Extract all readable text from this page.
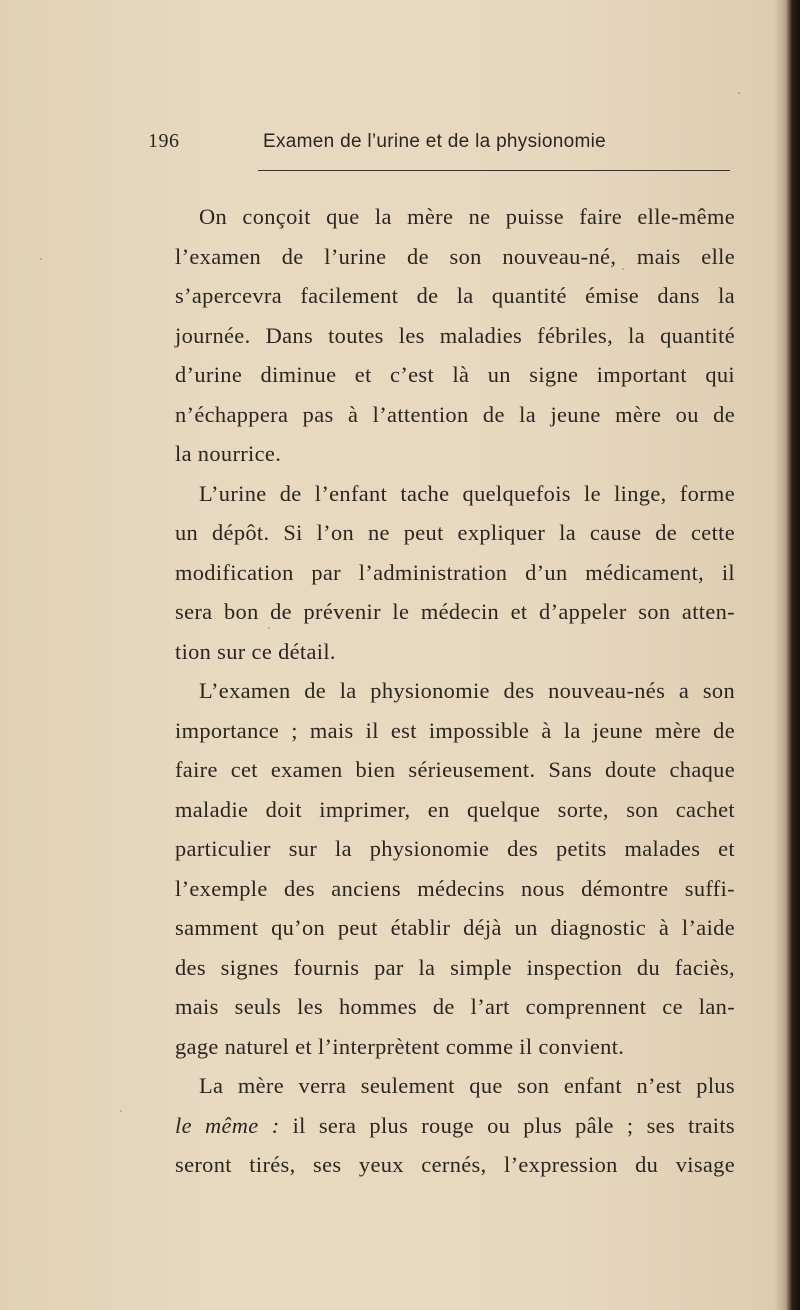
196	Examen de l’urine et de la physionomie
On conçoit que la mère ne puisse faire elle-même
l’examen de l’urine de son nouveau-né, mais elle
s’apercevra facilement de la quantité émise dans la
journée. Dans toutes les maladies fébriles, la quantité
d’urine diminue et c’est là un signe important qui
n’échappera pas à l’attention de la jeune mère ou de
la nourrice.
L’urine de l’enfant tache quelquefois le linge, forme
un dépôt. Si l’on ne peut expliquer la cause de cette
modification par l’administration d’un médicament, il
sera bon de prévenir le médecin et d’appeler son atten-
tion sur ce détail.
L’examen de la physionomie des nouveau-nés a son
importance ; mais il est impossible à la jeune mère de
faire cet examen bien sérieusement. Sans doute chaque
maladie doit imprimer, en quelque sorte, son cachet
particulier sur la physionomie des petits malades et
l’exemple des anciens médecins nous démontre suffi-
samment qu’on peut établir déjà un diagnostic à l’aide
des signes fournis par la simple inspection du faciès,
mais seuls les hommes de l’art comprennent ce lan-
gage naturel et l’interprètent comme il convient.
La mère verra seulement que son enfant n’est plus
le même : il sera plus rouge ou plus pâle ; ses traits
seront tirés, ses yeux cernés, l’expression du visage
